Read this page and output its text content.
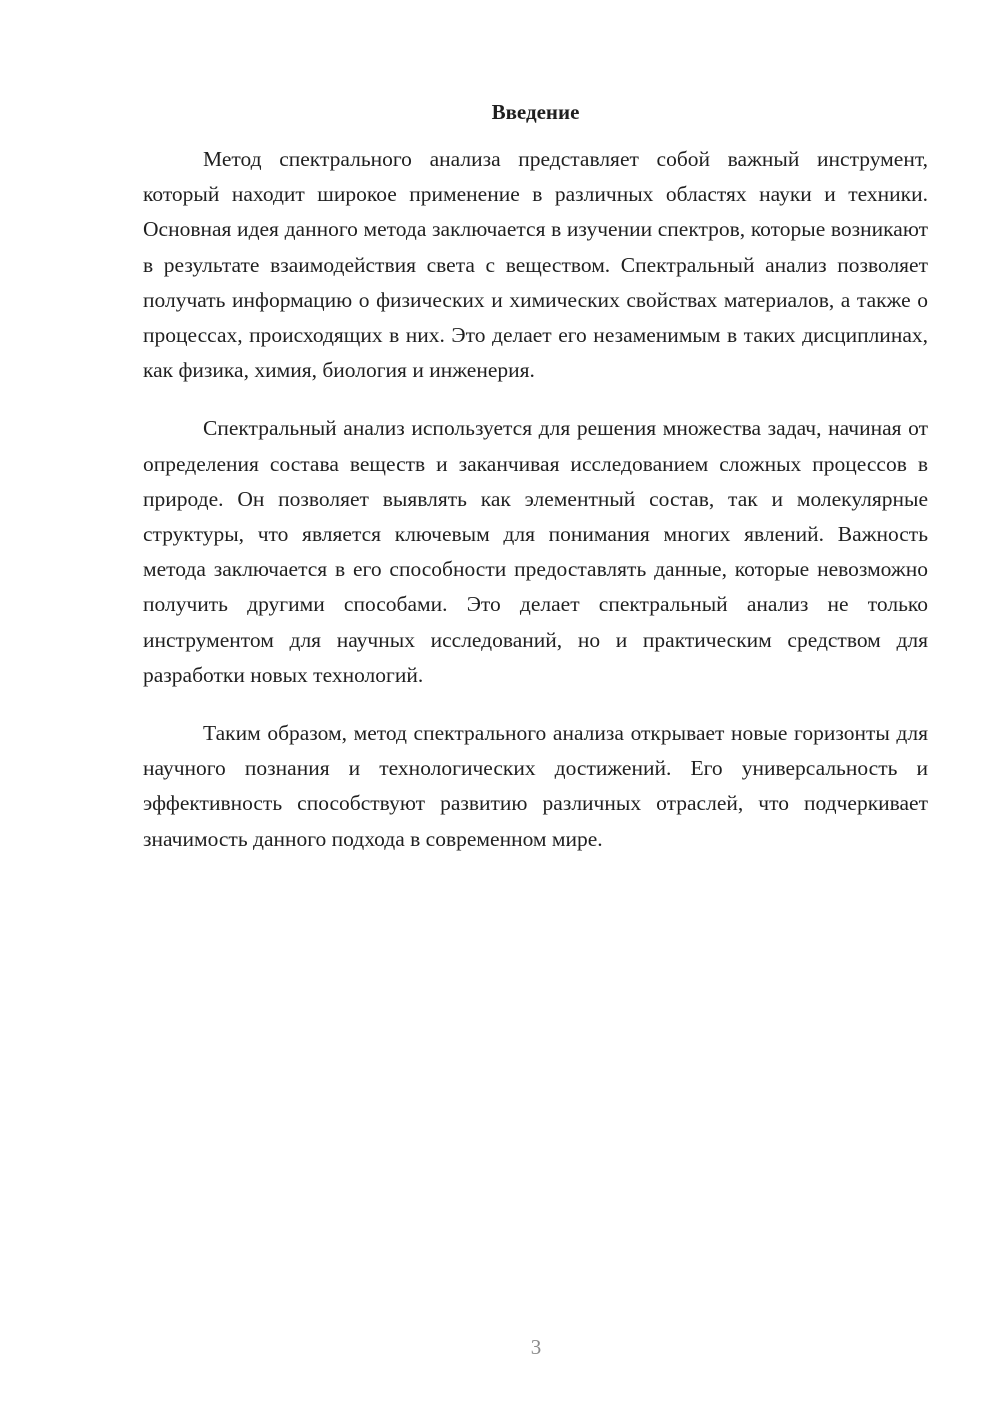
Введение

Метод спектрального анализа представляет собой важный инструмент, который находит широкое применение в различных областях науки и техники. Основная идея данного метода заключается в изучении спектров, которые возникают в результате взаимодействия света с веществом. Спектральный анализ позволяет получать информацию о физических и химических свойствах материалов, а также о процессах, происходящих в них. Это делает его незаменимым в таких дисциплинах, как физика, химия, биология и инженерия.

Спектральный анализ используется для решения множества задач, начиная от определения состава веществ и заканчивая исследованием сложных процессов в природе. Он позволяет выявлять как элементный состав, так и молекулярные структуры, что является ключевым для понимания многих явлений. Важность метода заключается в его способности предоставлять данные, которые невозможно получить другими способами. Это делает спектральный анализ не только инструментом для научных исследований, но и практическим средством для разработки новых технологий.

Таким образом, метод спектрального анализа открывает новые горизонты для научного познания и технологических достижений. Его универсальность и эффективность способствуют развитию различных отраслей, что подчеркивает значимость данного подхода в современном мире.

3
